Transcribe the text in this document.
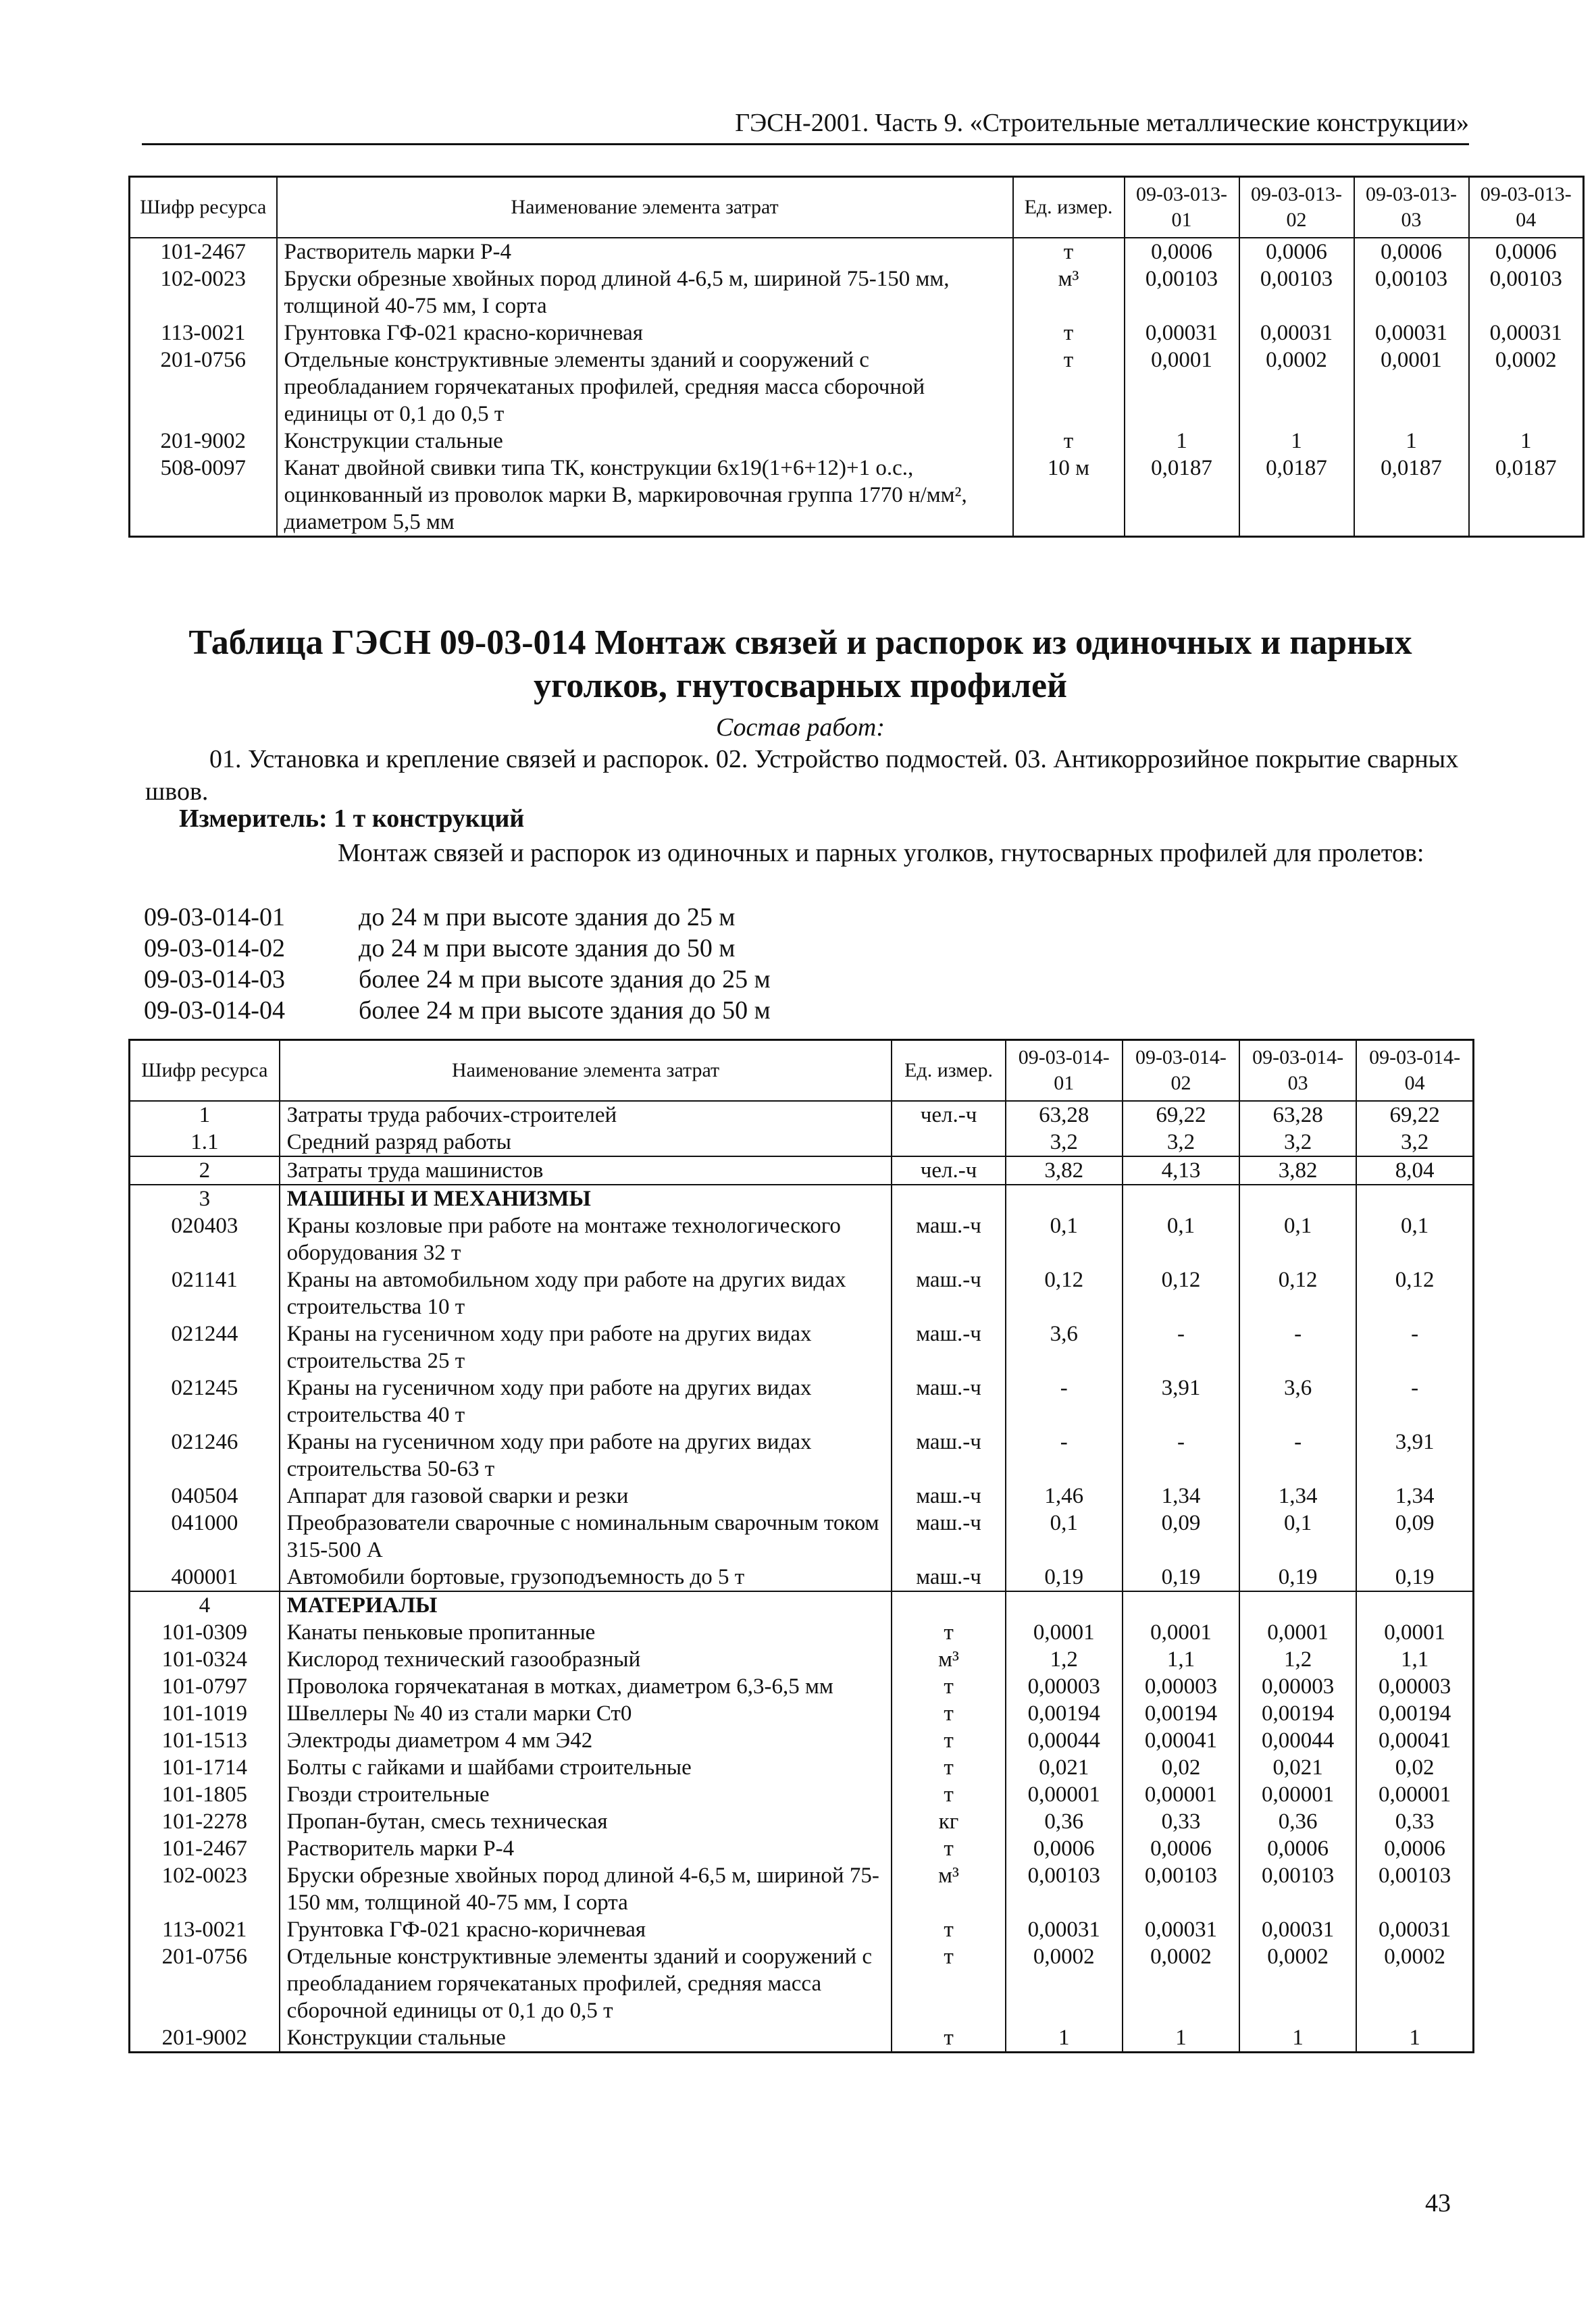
ГЭСН-2001. Часть 9. «Строительные металлические конструкции»
Шифр ресурса	Наименование элемента затрат	Ед. измер.	09-03-013-01	09-03-013-02	09-03-013-03	09-03-013-04
101-2467	Растворитель марки Р-4	т	0,0006	0,0006	0,0006	0,0006
102-0023	Бруски обрезные хвойных пород длиной 4-6,5 м, шириной 75-150 мм, толщиной 40-75 мм, I сорта	м³	0,00103	0,00103	0,00103	0,00103
113-0021	Грунтовка ГФ-021 красно-коричневая	т	0,00031	0,00031	0,00031	0,00031
201-0756	Отдельные конструктивные элементы зданий и сооружений с преобладанием горячекатаных профилей, средняя масса сборочной единицы от 0,1 до 0,5 т	т	0,0001	0,0002	0,0001	0,0002
201-9002	Конструкции стальные	т	1	1	1	1
508-0097	Канат двойной свивки типа ТК, конструкции 6х19(1+6+12)+1 о.с., оцинкованный из проволок марки В, маркировочная группа 1770 н/мм², диаметром 5,5 мм	10 м	0,0187	0,0187	0,0187	0,0187
Таблица ГЭСН 09-03-014 Монтаж связей и распорок из одиночных и парных уголков, гнутосварных профилей
Состав работ:

01. Установка и крепление связей и распорок. 02. Устройство подмостей. 03. Антикоррозийное покрытие сварных швов.

Измеритель: 1 т конструкций
Монтаж связей и распорок из одиночных и парных уголков, гнутосварных профилей для пролетов:
09-03-014-01	до 24 м при высоте здания до 25 м
09-03-014-02	до 24 м при высоте здания до 50 м
09-03-014-03	более 24 м при высоте здания до 25 м
09-03-014-04	более 24 м при высоте здания до 50 м
Шифр ресурса	Наименование элемента затрат	Ед. измер.	09-03-014-01	09-03-014-02	09-03-014-03	09-03-014-04
1	Затраты труда рабочих-строителей	чел.-ч	63,28	69,22	63,28	69,22
1.1	Средний разряд работы		3,2	3,2	3,2	3,2
2	Затраты труда машинистов	чел.-ч	3,82	4,13	3,82	8,04
3	МАШИНЫ И МЕХАНИЗМЫ					
020403	Краны козловые при работе на монтаже технологического оборудования 32 т	маш.-ч	0,1	0,1	0,1	0,1
021141	Краны на автомобильном ходу при работе на других видах строительства 10 т	маш.-ч	0,12	0,12	0,12	0,12
021244	Краны на гусеничном ходу при работе на других видах строительства 25 т	маш.-ч	3,6	-	-	-
021245	Краны на гусеничном ходу при работе на других видах строительства 40 т	маш.-ч	-	3,91	3,6	-
021246	Краны на гусеничном ходу при работе на других видах строительства 50-63 т	маш.-ч	-	-	-	3,91
040504	Аппарат для газовой сварки и резки	маш.-ч	1,46	1,34	1,34	1,34
041000	Преобразователи сварочные с номинальным сварочным током 315-500 А	маш.-ч	0,1	0,09	0,1	0,09
400001	Автомобили бортовые, грузоподъемность до 5 т	маш.-ч	0,19	0,19	0,19	0,19
4	МАТЕРИАЛЫ					
101-0309	Канаты пеньковые пропитанные	т	0,0001	0,0001	0,0001	0,0001
101-0324	Кислород технический газообразный	м³	1,2	1,1	1,2	1,1
101-0797	Проволока горячекатаная в мотках, диаметром 6,3-6,5 мм	т	0,00003	0,00003	0,00003	0,00003
101-1019	Швеллеры № 40 из стали марки Ст0	т	0,00194	0,00194	0,00194	0,00194
101-1513	Электроды диаметром 4 мм Э42	т	0,00044	0,00041	0,00044	0,00041
101-1714	Болты с гайками и шайбами строительные	т	0,021	0,02	0,021	0,02
101-1805	Гвозди строительные	т	0,00001	0,00001	0,00001	0,00001
101-2278	Пропан-бутан, смесь техническая	кг	0,36	0,33	0,36	0,33
101-2467	Растворитель марки Р-4	т	0,0006	0,0006	0,0006	0,0006
102-0023	Бруски обрезные хвойных пород длиной 4-6,5 м, шириной 75-150 мм, толщиной 40-75 мм, I сорта	м³	0,00103	0,00103	0,00103	0,00103
113-0021	Грунтовка ГФ-021 красно-коричневая	т	0,00031	0,00031	0,00031	0,00031
201-0756	Отдельные конструктивные элементы зданий и сооружений с преобладанием горячекатаных профилей, средняя масса сборочной единицы от 0,1 до 0,5 т	т	0,0002	0,0002	0,0002	0,0002
201-9002	Конструкции стальные	т	1	1	1	1
43
